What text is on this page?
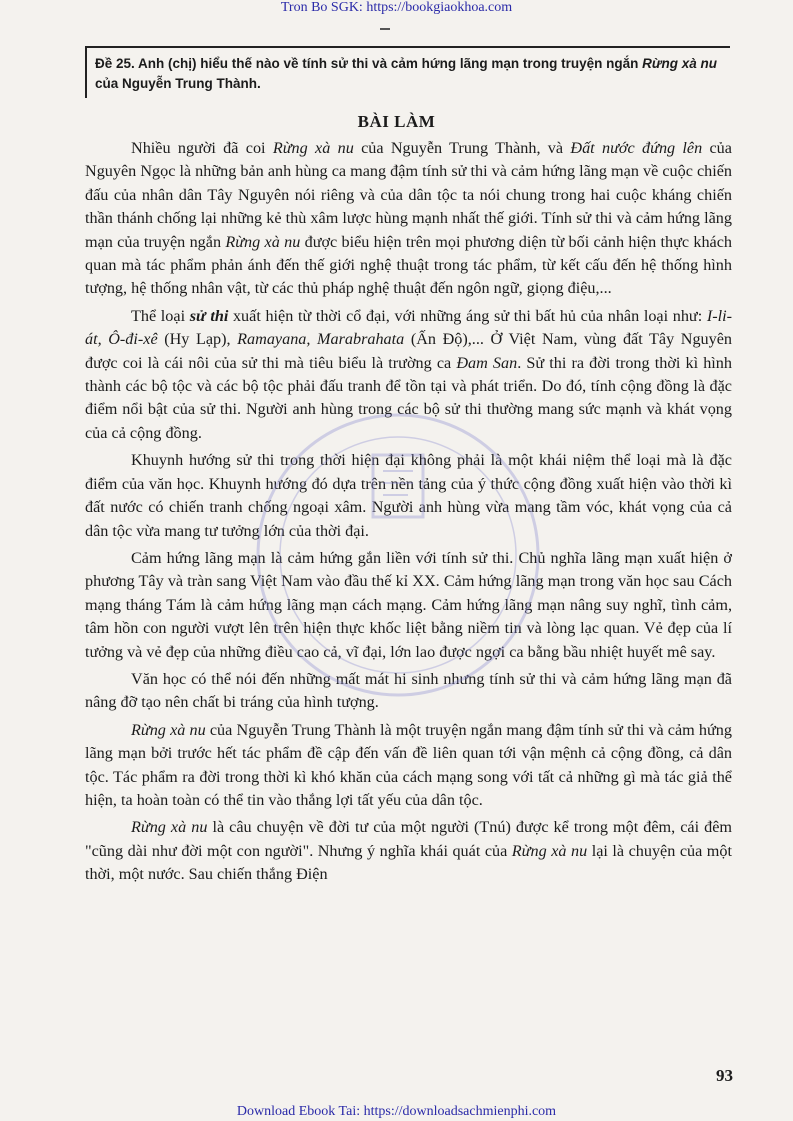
Tron Bo SGK: https://bookgiaokhoa.com
Đề 25. Anh (chị) hiểu thế nào về tính sử thi và cảm hứng lãng mạn trong truyện ngắn Rừng xà nu của Nguyễn Trung Thành.
BÀI LÀM

Nhiều người đã coi Rừng xà nu của Nguyễn Trung Thành, và Đất nước đứng lên của Nguyên Ngọc là những bản anh hùng ca mang đậm tính sử thi và cảm hứng lãng mạn về cuộc chiến đấu của nhân dân Tây Nguyên nói riêng và của dân tộc ta nói chung trong hai cuộc kháng chiến thần thánh chống lại những kẻ thù xâm lược hùng mạnh nhất thế giới. Tính sử thi và cảm hứng lãng mạn của truyện ngắn Rừng xà nu được biểu hiện trên mọi phương diện từ bối cảnh hiện thực khách quan mà tác phẩm phản ánh đến thế giới nghệ thuật trong tác phẩm, từ kết cấu đến hệ thống hình tượng, hệ thống nhân vật, từ các thủ pháp nghệ thuật đến ngôn ngữ, giọng điệu,...

Thể loại sử thi xuất hiện từ thời cổ đại, với những áng sử thi bất hủ của nhân loại như: I-li-át, Ô-đi-xê (Hy Lạp), Ramayana, Marabrahata (Ấn Độ),... Ở Việt Nam, vùng đất Tây Nguyên được coi là cái nôi của sử thi mà tiêu biểu là trường ca Đam San. Sử thi ra đời trong thời kì hình thành các bộ tộc và các bộ tộc phải đấu tranh để tồn tại và phát triển. Do đó, tính cộng đồng là đặc điểm nổi bật của sử thi. Người anh hùng trong các bộ sử thi thường mang sức mạnh và khát vọng của cả cộng đồng.

Khuynh hướng sử thi trong thời hiện đại không phải là một khái niệm thể loại mà là đặc điểm của văn học. Khuynh hướng đó dựa trên nền tảng của ý thức cộng đồng xuất hiện vào thời kì đất nước có chiến tranh chống ngoại xâm. Người anh hùng vừa mang tầm vóc, khát vọng của cả dân tộc vừa mang tư tưởng lớn của thời đại.

Cảm hứng lãng mạn là cảm hứng gắn liền với tính sử thi. Chủ nghĩa lãng mạn xuất hiện ở phương Tây và tràn sang Việt Nam vào đầu thế kỉ XX. Cảm hứng lãng mạn trong văn học sau Cách mạng tháng Tám là cảm hứng lãng mạn cách mạng. Cảm hứng lãng mạn nâng suy nghĩ, tình cảm, tâm hồn con người vượt lên trên hiện thực khốc liệt bằng niềm tin và lòng lạc quan. Vẻ đẹp của lí tưởng và vẻ đẹp của những điều cao cả, vĩ đại, lớn lao được ngợi ca bằng bầu nhiệt huyết mê say.

Văn học có thể nói đến những mất mát hi sinh nhưng tính sử thi và cảm hứng lãng mạn đã nâng đỡ tạo nên chất bi tráng của hình tượng.

Rừng xà nu của Nguyễn Trung Thành là một truyện ngắn mang đậm tính sử thi và cảm hứng lãng mạn bởi trước hết tác phẩm đề cập đến vấn đề liên quan tới vận mệnh cả cộng đồng, cả dân tộc. Tác phẩm ra đời trong thời kì khó khăn của cách mạng song với tất cả những gì mà tác giả thể hiện, ta hoàn toàn có thể tin vào thắng lợi tất yếu của dân tộc.

Rừng xà nu là câu chuyện về đời tư của một người (Tnú) được kể trong một đêm, cái đêm "cũng dài như đời một con người". Nhưng ý nghĩa khái quát của Rừng xà nu lại là chuyện của một thời, một nước. Sau chiến thắng Điện

93
Download Ebook Tai: https://downloadsachmienphi.com
